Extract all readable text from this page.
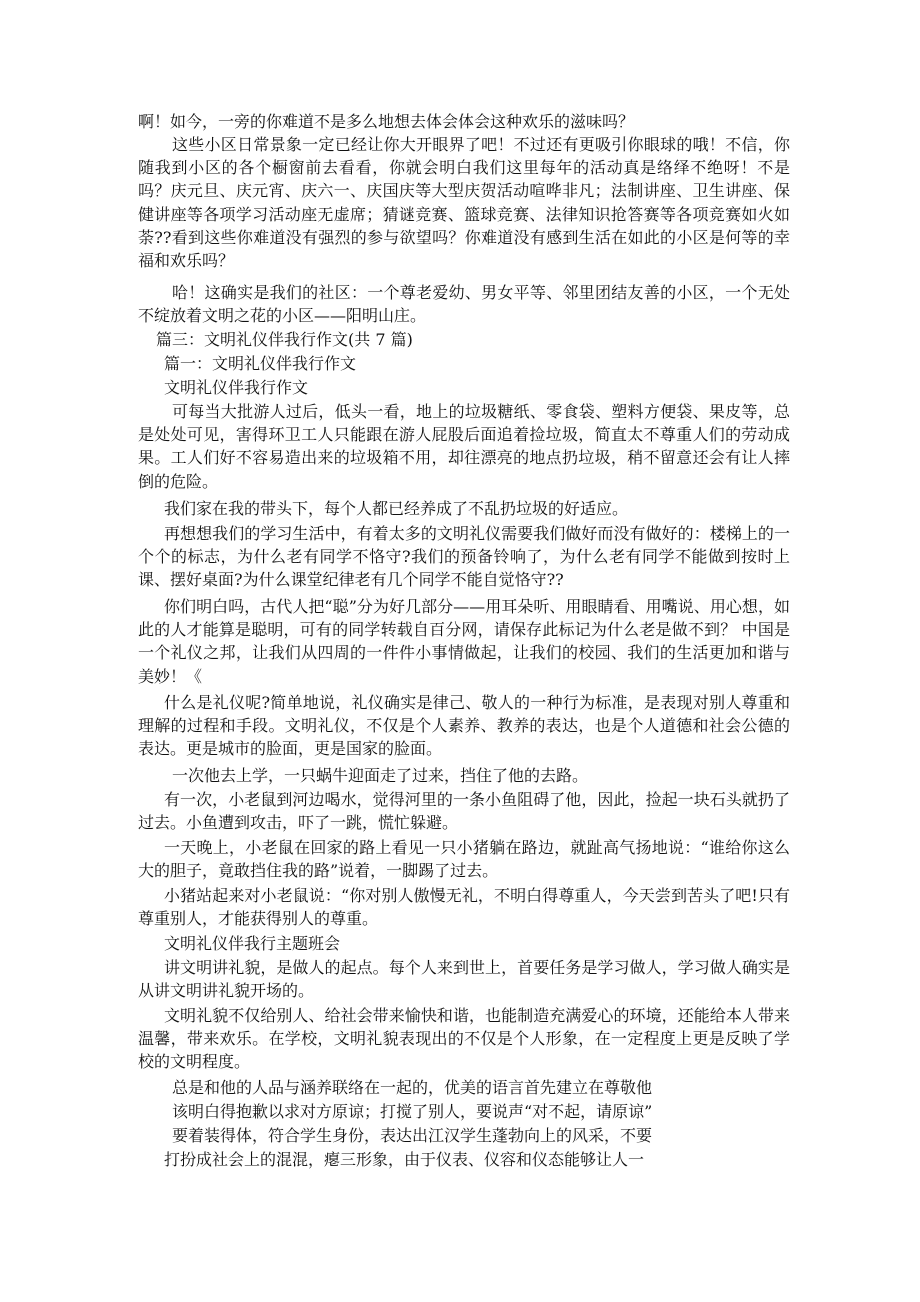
啊！如今，一旁的你难道不是多么地想去体会体会这种欢乐的滋味吗？

这些小区日常景象一定已经让你大开眼界了吧！不过还有更吸引你眼球的哦！不信，你随我到小区的各个橱窗前去看看，你就会明白我们这里每年的活动真是络绎不绝呀！不是吗？庆元旦、庆元宵、庆六一、庆国庆等大型庆贺活动喧哗非凡；法制讲座、卫生讲座、保健讲座等各项学习活动座无虚席；猜谜竞赛、篮球竞赛、法律知识抢答赛等各项竞赛如火如荼??看到这些你难道没有强烈的参与欲望吗？你难道没有感到生活在如此的小区是何等的幸福和欢乐吗？

哈！这确实是我们的社区：一个尊老爱幼、男女平等、邻里团结友善的小区，一个无处不绽放着文明之花的小区——阳明山庄。

篇三：文明礼仪伴我行作文(共 7 篇)

篇一：文明礼仪伴我行作文

文明礼仪伴我行作文

可每当大批游人过后，低头一看，地上的垃圾糖纸、零食袋、塑料方便袋、果皮等，总是处处可见，害得环卫工人只能跟在游人屁股后面追着捡垃圾，简直太不尊重人们的劳动成果。工人们好不容易造出来的垃圾箱不用，却往漂亮的地点扔垃圾，稍不留意还会有让人摔倒的危险。

我们家在我的带头下，每个人都已经养成了不乱扔垃圾的好适应。

再想想我们的学习生活中，有着太多的文明礼仪需要我们做好而没有做好的：楼梯上的一个个的标志，为什么老有同学不恪守?我们的预备铃响了，为什么老有同学不能做到按时上课、摆好桌面?为什么课堂纪律老有几个同学不能自觉恪守??

你们明白吗，古代人把“聪”分为好几部分——用耳朵听、用眼睛看、用嘴说、用心想，如此的人才能算是聪明，可有的同学转载自百分网，请保存此标记为什么老是做不到？ 中国是一个礼仪之邦，让我们从四周的一件件小事情做起，让我们的校园、我们的生活更加和谐与美妙！《

什么是礼仪呢?简单地说，礼仪确实是律己、敬人的一种行为标准，是表现对别人尊重和理解的过程和手段。文明礼仪，不仅是个人素养、教养的表达，也是个人道德和社会公德的表达。更是城市的脸面，更是国家的脸面。

一次他去上学，一只蜗牛迎面走了过来，挡住了他的去路。

有一次，小老鼠到河边喝水，觉得河里的一条小鱼阻碍了他，因此，捡起一块石头就扔了过去。小鱼遭到攻击，吓了一跳，慌忙躲避。

一天晚上，小老鼠在回家的路上看见一只小猪躺在路边，就趾高气扬地说：“谁给你这么大的胆子，竟敢挡住我的路”说着，一脚踢了过去。

小猪站起来对小老鼠说：“你对别人傲慢无礼，不明白得尊重人，今天尝到苦头了吧!只有尊重别人，才能获得别人的尊重。

文明礼仪伴我行主题班会

讲文明讲礼貌，是做人的起点。每个人来到世上，首要任务是学习做人，学习做人确实是从讲文明讲礼貌开场的。

文明礼貌不仅给别人、给社会带来愉快和谐，也能制造充满爱心的环境，还能给本人带来温馨，带来欢乐。在学校，文明礼貌表现出的不仅是个人形象，在一定程度上更是反映了学校的文明程度。

总是和他的人品与涵养联络在一起的，优美的语言首先建立在尊敬他

该明白得抱歉以求对方原谅；打搅了别人，要说声“对不起，请原谅”

要着装得体，符合学生身份，表达出江汉学生蓬勃向上的风采，不要

打扮成社会上的混混，瘪三形象，由于仪表、仪容和仪态能够让人一
